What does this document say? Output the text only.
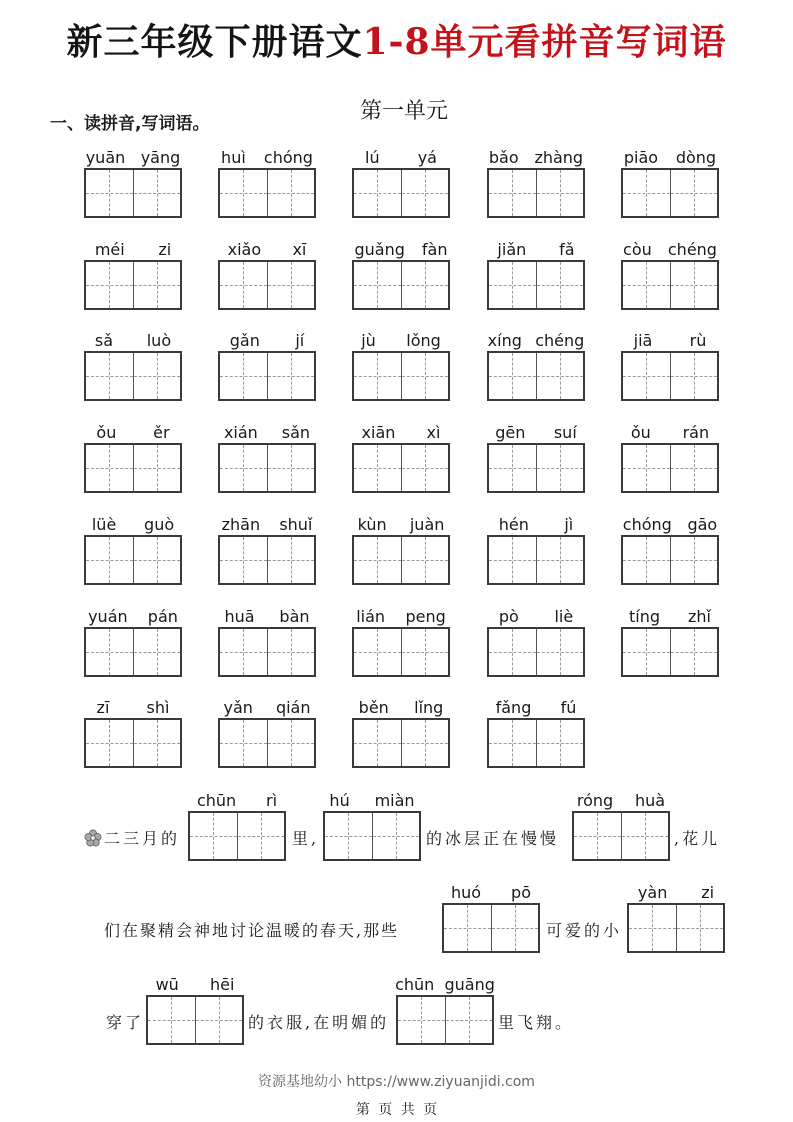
新三年级下册语文1-8单元看拼音写词语
一、读拼音,写词语。	第一单元
yuān yāng	huì chóng	lú yá	bǎo zhàng	piāo dòng
méi zi	xiǎo xī	guǎng fàn	jiǎn fǎ	còu chéng
sǎ luò	gǎn jí	jù lǒng	xíng chéng	jiā rù
ǒu ěr	xián sǎn	xiān xì	gēn suí	ǒu rán
lüè guò	zhān shuǐ	kùn juàn	hén jì	chóng gāo
yuán pán	huā bàn	lián peng	pò liè	tíng zhǐ
zī shì	yǎn qián	běn lǐng	fǎng fú
二三月的
chūn rì
里,
hú miàn
的冰层正在慢慢
róng huà
,花儿
们在聚精会神地讨论温暖的春天,那些
huó pō
可爱的小
yàn zi
穿了
wū hēi
的衣服,在明媚的
chūn guāng
里飞翔。
资源基地幼小 https://www.ziyuanjidi.com
第 页 共 页
